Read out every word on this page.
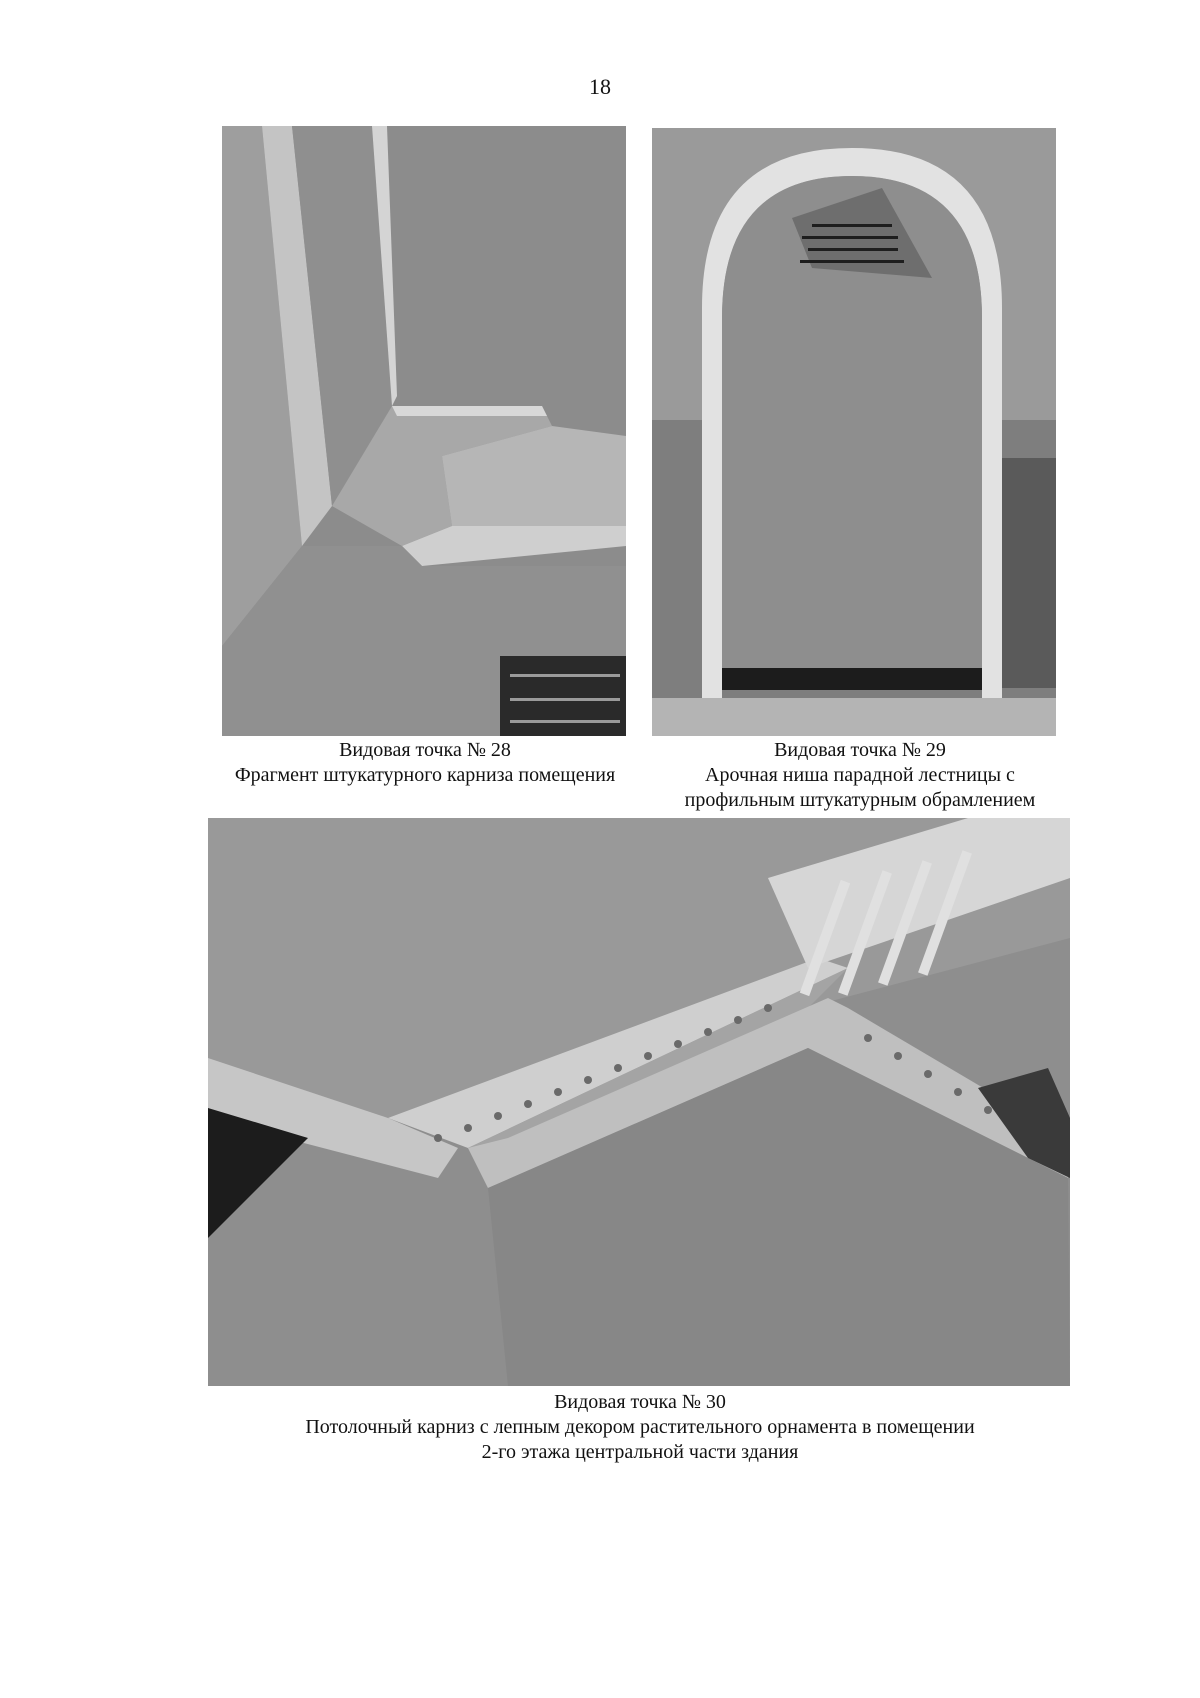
18
Видовая точка № 28
Фрагмент штукатурного карниза помещения
Видовая точка № 29
Арочная ниша парадной лестницы с
профильным штукатурным обрамлением
Видовая точка № 30
Потолочный карниз с лепным декором растительного орнамента в помещении
2-го этажа центральной части здания
